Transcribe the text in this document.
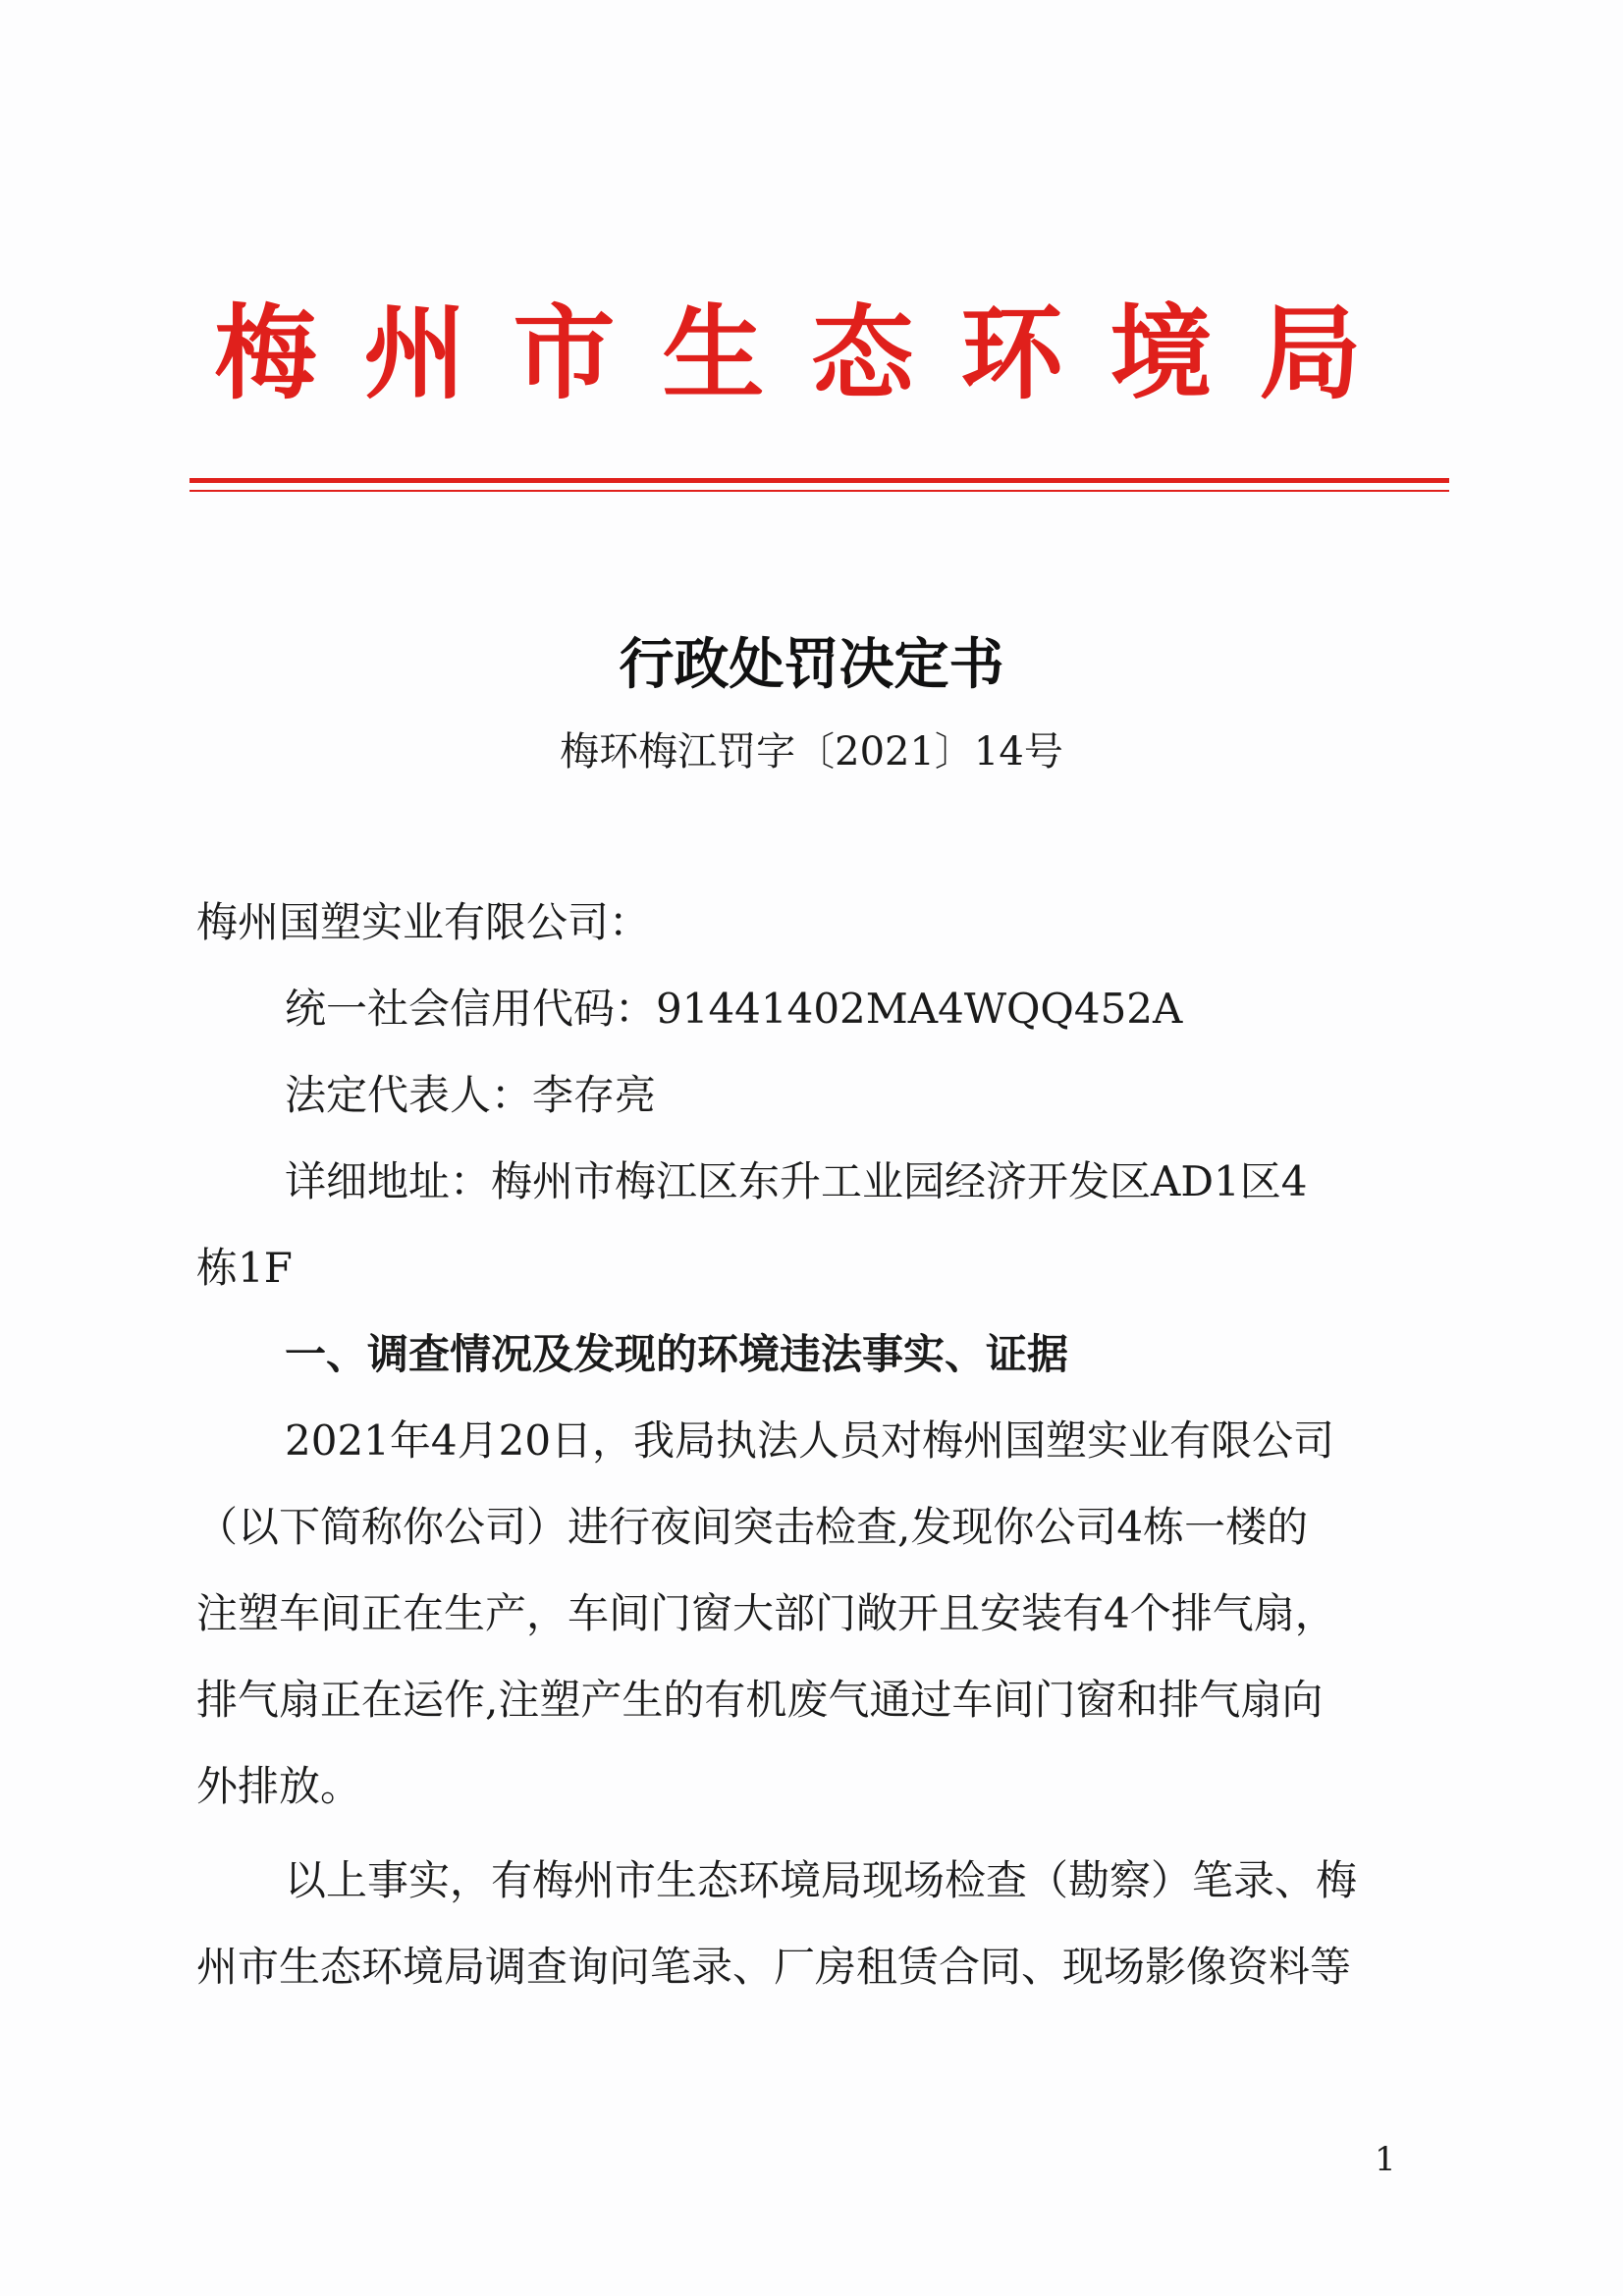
梅州市生态环境局
行政处罚决定书
梅环梅江罚字〔2021〕14号
梅州国塑实业有限公司：
统一社会信用代码：91441402MA4WQQ452A
法定代表人：李存亮
详细地址：梅州市梅江区东升工业园经济开发区AD1区4
栋1F
一、调查情况及发现的环境违法事实、证据
2021年4月20日，我局执法人员对梅州国塑实业有限公司
（以下简称你公司）进行夜间突击检查,发现你公司4栋一楼的
注塑车间正在生产，车间门窗大部门敞开且安装有4个排气扇，
排气扇正在运作,注塑产生的有机废气通过车间门窗和排气扇向
外排放。
以上事实，有梅州市生态环境局现场检查（勘察）笔录、梅
州市生态环境局调查询问笔录、厂房租赁合同、现场影像资料等
1
